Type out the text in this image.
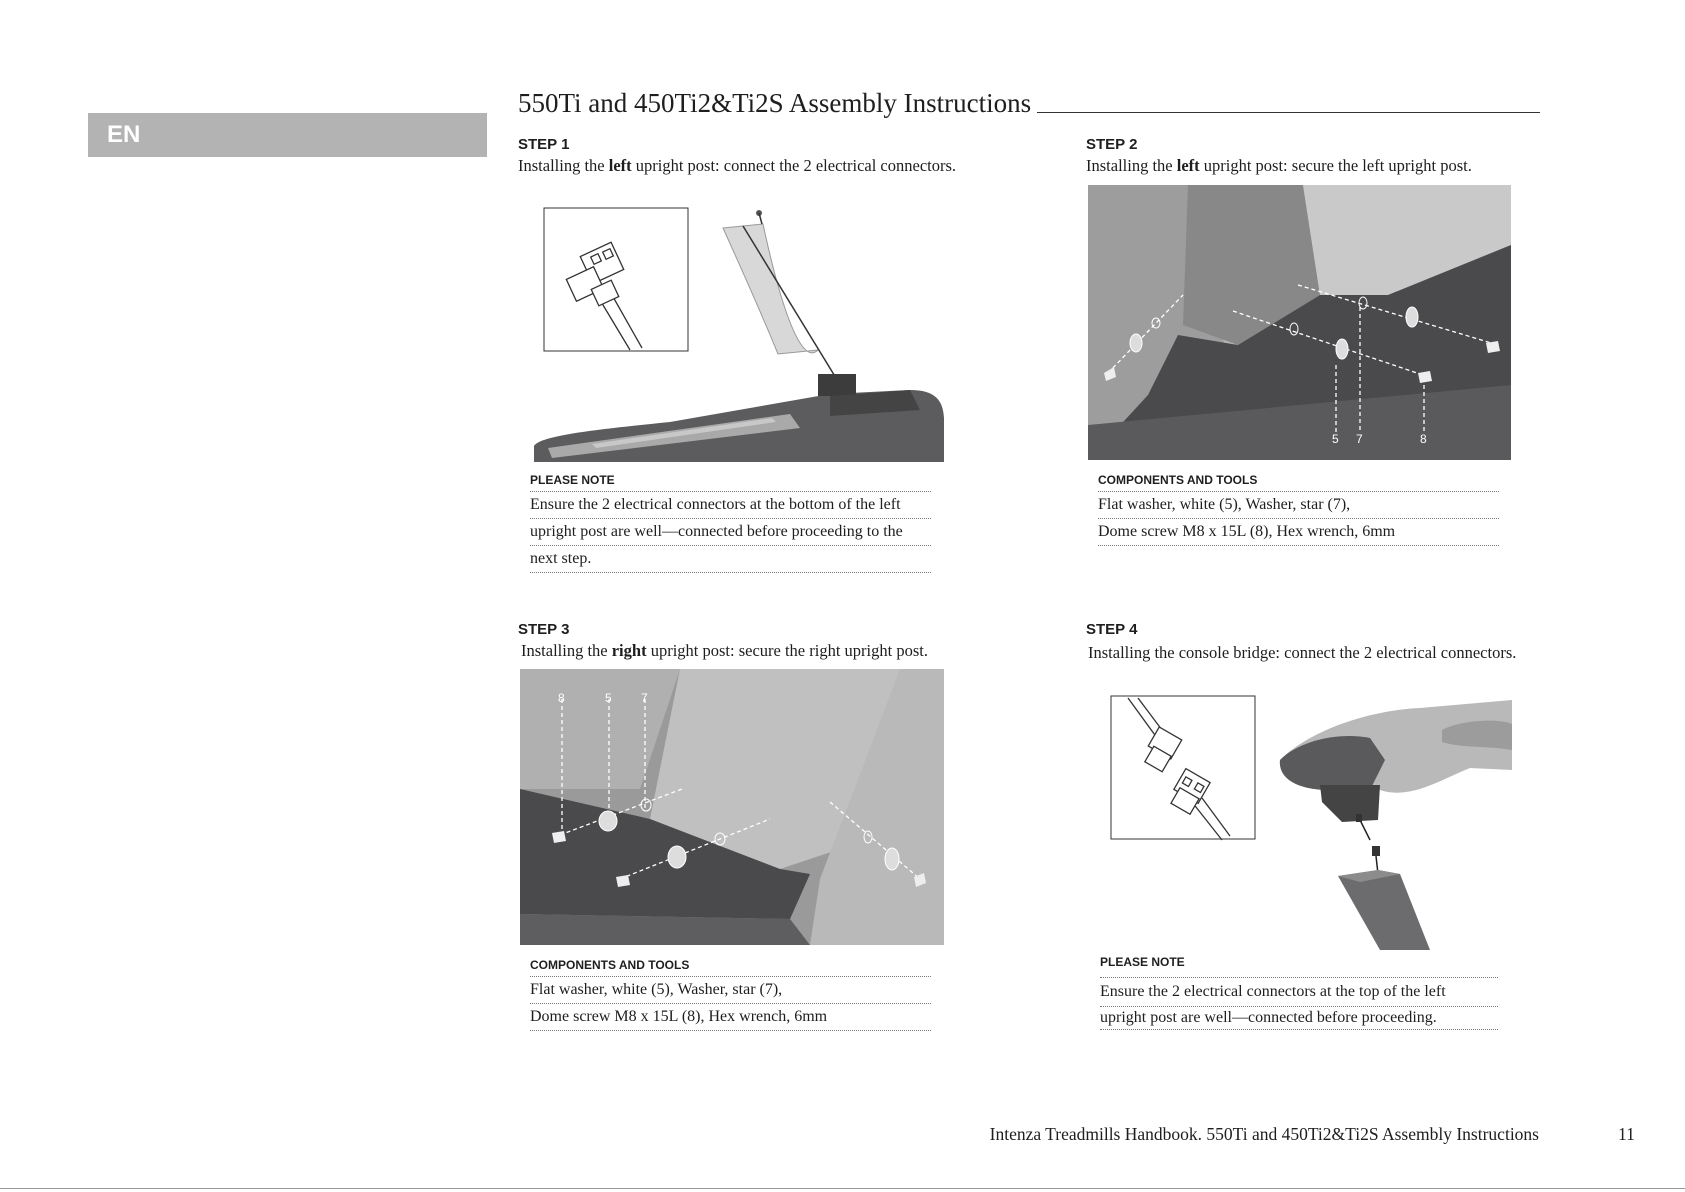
EN
550Ti and 450Ti2&Ti2S Assembly Instructions
STEP 1
Installing the left upright post: connect the 2 electrical connectors.
PLEASE NOTE
Ensure the 2 electrical connectors at the bottom of the left
upright post are well—connected before proceeding to the
next step.
STEP 2
Installing the left upright post: secure the left upright post.
5 7	8
COMPONENTS AND TOOLS
Flat washer, white (5), Washer, star (7),
Dome screw M8 x 15L (8), Hex wrench, 6mm
STEP 3
Installing the right upright post: secure the right upright post.
8	5 7
COMPONENTS AND TOOLS
Flat washer, white (5), Washer, star (7),
Dome screw M8 x 15L (8), Hex wrench, 6mm
STEP 4
Installing the console bridge: connect the 2 electrical connectors.
PLEASE NOTE
Ensure the 2 electrical connectors at the top of the left
upright post are well—connected before proceeding.
Intenza Treadmills Handbook. 550Ti and 450Ti2&Ti2S Assembly Instructions	11
